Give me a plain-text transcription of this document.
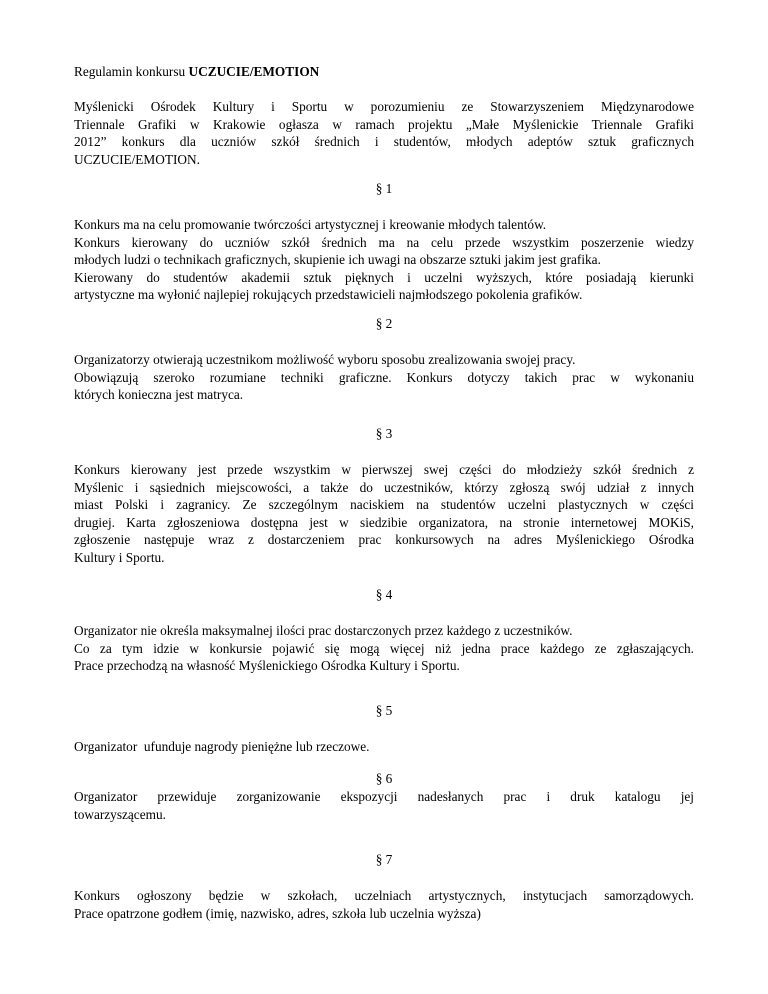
Regulamin konkursu UCZUCIE/EMOTION

Myślenicki Ośrodek Kultury i Sportu w porozumieniu ze Stowarzyszeniem Międzynarodowe
Triennale Grafiki w Krakowie ogłasza w ramach projektu „Małe Myślenickie Triennale Grafiki
2012” konkurs dla uczniów szkół średnich i studentów, młodych adeptów sztuk graficznych
UCZUCIE/EMOTION.

§ 1

Konkurs ma na celu promowanie twórczości artystycznej i kreowanie młodych talentów.
Konkurs kierowany do uczniów szkół średnich ma na celu przede wszystkim poszerzenie wiedzy
młodych ludzi o technikach graficznych, skupienie ich uwagi na obszarze sztuki jakim jest grafika.
Kierowany do studentów akademii sztuk pięknych i uczelni wyższych, które posiadają kierunki
artystyczne ma wyłonić najlepiej rokujących przedstawicieli najmłodszego pokolenia grafików.

§ 2

Organizatorzy otwierają uczestnikom możliwość wyboru sposobu zrealizowania swojej pracy.
Obowiązują szeroko rozumiane techniki graficzne. Konkurs dotyczy takich prac w wykonaniu
których konieczna jest matryca.

§ 3

Konkurs kierowany jest przede wszystkim w pierwszej swej części do młodzieży szkół średnich z
Myślenic i sąsiednich miejscowości, a także do uczestników, którzy zgłoszą swój udział z innych
miast Polski i zagranicy. Ze szczególnym naciskiem na studentów uczelni plastycznych w części
drugiej. Karta zgłoszeniowa dostępna jest w siedzibie organizatora, na stronie internetowej MOKiS,
zgłoszenie następuje wraz z dostarczeniem prac konkursowych na adres Myślenickiego Ośrodka
Kultury i Sportu.

§ 4

Organizator nie określa maksymalnej ilości prac dostarczonych przez każdego z uczestników.
Co za tym idzie w konkursie pojawić się mogą więcej niż jedna prace każdego ze zgłaszających.
Prace przechodzą na własność Myślenickiego Ośrodka Kultury i Sportu.

§ 5

Organizator  ufunduje nagrody pieniężne lub rzeczowe.

§ 6

Organizator przewiduje zorganizowanie ekspozycji nadesłanych prac i druk katalogu jej
towarzyszącemu.

§ 7

Konkurs ogłoszony będzie w szkołach, uczelniach artystycznych, instytucjach samorządowych.
Prace opatrzone godłem (imię, nazwisko, adres, szkoła lub uczelnia wyższa)
